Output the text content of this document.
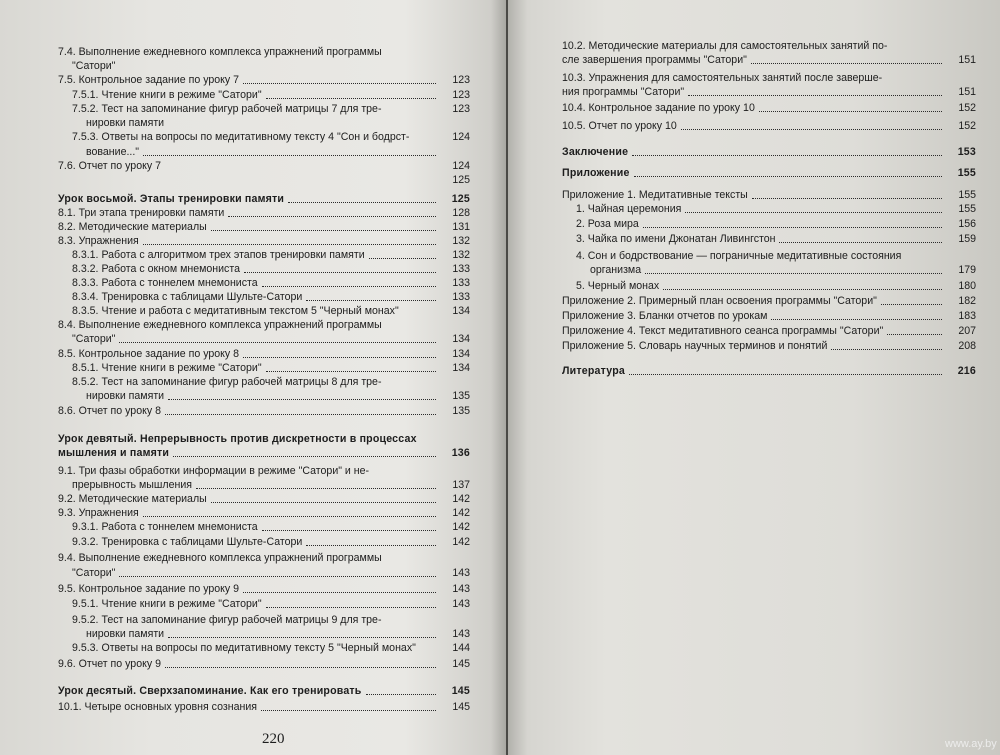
7.4. Выполнение ежедневного комплекса упражнений программы
"Сатори"
7.5. Контрольное задание по уроку 7	123
7.5.1. Чтение книги в режиме "Сатори"	123
7.5.2. Тест на запоминание фигур рабочей матрицы 7 для тре-	123
нировки памяти
7.5.3. Ответы на вопросы по медитативному тексту 4 "Сон и бодрст-	124
вование..."
7.6. Отчет по уроку 7	124
125
Урок восьмой. Этапы тренировки памяти	125
8.1. Три этапа тренировки памяти	128
8.2. Методические материалы	131
8.3. Упражнения	132
8.3.1. Работа с алгоритмом трех этапов тренировки памяти	132
8.3.2. Работа с окном мнемониста	133
8.3.3. Работа с тоннелем мнемониста	133
8.3.4. Тренировка с таблицами Шульте-Сатори	133
8.3.5. Чтение и работа с медитативным текстом 5 "Черный монах"	134
8.4. Выполнение ежедневного комплекса упражнений программы
"Сатори"	134
8.5. Контрольное задание по уроку 8	134
8.5.1. Чтение книги в режиме "Сатори"	134
8.5.2. Тест на запоминание фигур рабочей матрицы 8 для тре-
нировки памяти	135
8.6. Отчет по уроку 8	135
Урок девятый. Непрерывность против дискретности в процессах
мышления и памяти	136
9.1. Три фазы обработки информации в режиме "Сатори" и не-
прерывность мышления	137
9.2. Методические материалы	142
9.3. Упражнения	142
9.3.1. Работа с тоннелем мнемониста	142
9.3.2. Тренировка с таблицами Шульте-Сатори	142
9.4. Выполнение ежедневного комплекса упражнений программы
"Сатори"	143
9.5. Контрольное задание по уроку 9	143
9.5.1. Чтение книги в режиме "Сатори"	143
9.5.2. Тест на запоминание фигур рабочей матрицы 9 для тре-
нировки памяти	143
9.5.3. Ответы на вопросы по медитативному тексту 5 "Черный монах"	144
9.6. Отчет по уроку 9	145
Урок десятый. Сверхзапоминание. Как его тренировать	145
10.1. Четыре основных уровня сознания	145
220
10.2. Методические материалы для самостоятельных занятий по-
сле завершения программы "Сатори"	151
10.3. Упражнения для самостоятельных занятий после заверше-
ния программы "Сатори"	151
10.4. Контрольное задание по уроку 10	152
10.5. Отчет по уроку 10	152
Заключение	153
Приложение	155
Приложение 1. Медитативные тексты	155
1. Чайная церемония	155
2. Роза мира	156
3. Чайка по имени Джонатан Ливингстон	159
4. Сон и бодрствование — пограничные медитативные состояния
организма	179
5. Черный монах	180
Приложение 2. Примерный план освоения программы "Сатори"	182
Приложение 3. Бланки отчетов по урокам	183
Приложение 4. Текст медитативного сеанса программы "Сатори"	207
Приложение 5. Словарь научных терминов и понятий	208
Литература	216

www.ay.by
